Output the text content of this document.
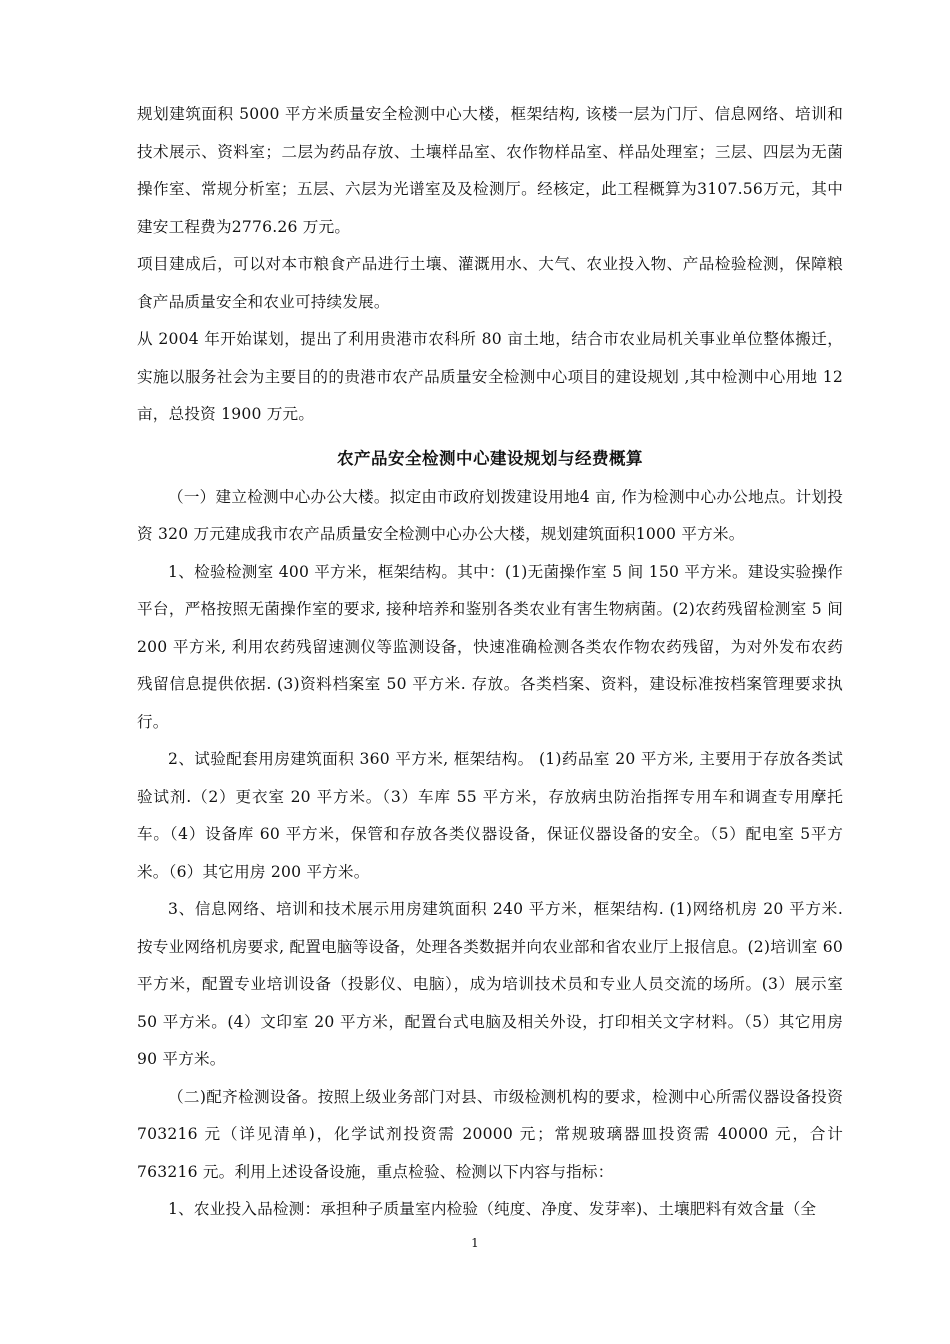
规划建筑面积 5000 平方米质量安全检测中心大楼，框架结构, 该楼一层为门厅、信息网络、培训和技术展示、资料室；二层为药品存放、土壤样品室、农作物样品室、样品处理室；三层、四层为无菌操作室、常规分析室；五层、六层为光谱室及及检测厅。经核定，此工程概算为3107.56万元，其中建安工程费为2776.26 万元。

项目建成后，可以对本市粮食产品进行土壤、灌溉用水、大气、农业投入物、产品检验检测，保障粮食产品质量安全和农业可持续发展。

从 2004 年开始谋划，提出了利用贵港市农科所 80 亩土地，结合市农业局机关事业单位整体搬迁，实施以服务社会为主要目的的贵港市农产品质量安全检测中心项目的建设规划 ,其中检测中心用地 12 亩，总投资 1900 万元。

农产品安全检测中心建设规划与经费概算

（一）建立检测中心办公大楼。拟定由市政府划拨建设用地4 亩, 作为检测中心办公地点。计划投资 320 万元建成我市农产品质量安全检测中心办公大楼，规划建筑面积1000 平方米。

1、检验检测室 400 平方米，框架结构。其中：(1)无菌操作室 5 间 150 平方米。建设实验操作平台，严格按照无菌操作室的要求, 接种培养和鉴别各类农业有害生物病菌。(2)农药残留检测室 5 间 200 平方米, 利用农药残留速测仪等监测设备，快速准确检测各类农作物农药残留，为对外发布农药残留信息提供依据. (3)资料档案室 50 平方米. 存放。各类档案、资料，建设标准按档案管理要求执行。

2、试验配套用房建筑面积 360 平方米, 框架结构。 (1)药品室 20 平方米, 主要用于存放各类试验试剂.（2）更衣室 20 平方米。（3）车库 55 平方米，存放病虫防治指挥专用车和调查专用摩托车。（4）设备库 60 平方米，保管和存放各类仪器设备，保证仪器设备的安全。（5）配电室 5平方米。（6）其它用房 200 平方米。

3、信息网络、培训和技术展示用房建筑面积 240 平方米，框架结构. (1)网络机房 20 平方米. 按专业网络机房要求, 配置电脑等设备，处理各类数据并向农业部和省农业厅上报信息。(2)培训室 60 平方米，配置专业培训设备（投影仪、电脑），成为培训技术员和专业人员交流的场所。(3）展示室 50 平方米。(4）文印室 20 平方米，配置台式电脑及相关外设，打印相关文字材料。（5）其它用房 90 平方米。

（二)配齐检测设备。按照上级业务部门对县、市级检测机构的要求，检测中心所需仪器设备投资 703216 元（详见清单)，化学试剂投资需 20000 元；常规玻璃器皿投资需 40000 元，合计763216 元。利用上述设备设施，重点检验、检测以下内容与指标：

1、农业投入品检测：承担种子质量室内检验（纯度、净度、发芽率)、土壤肥料有效含量（全

1
